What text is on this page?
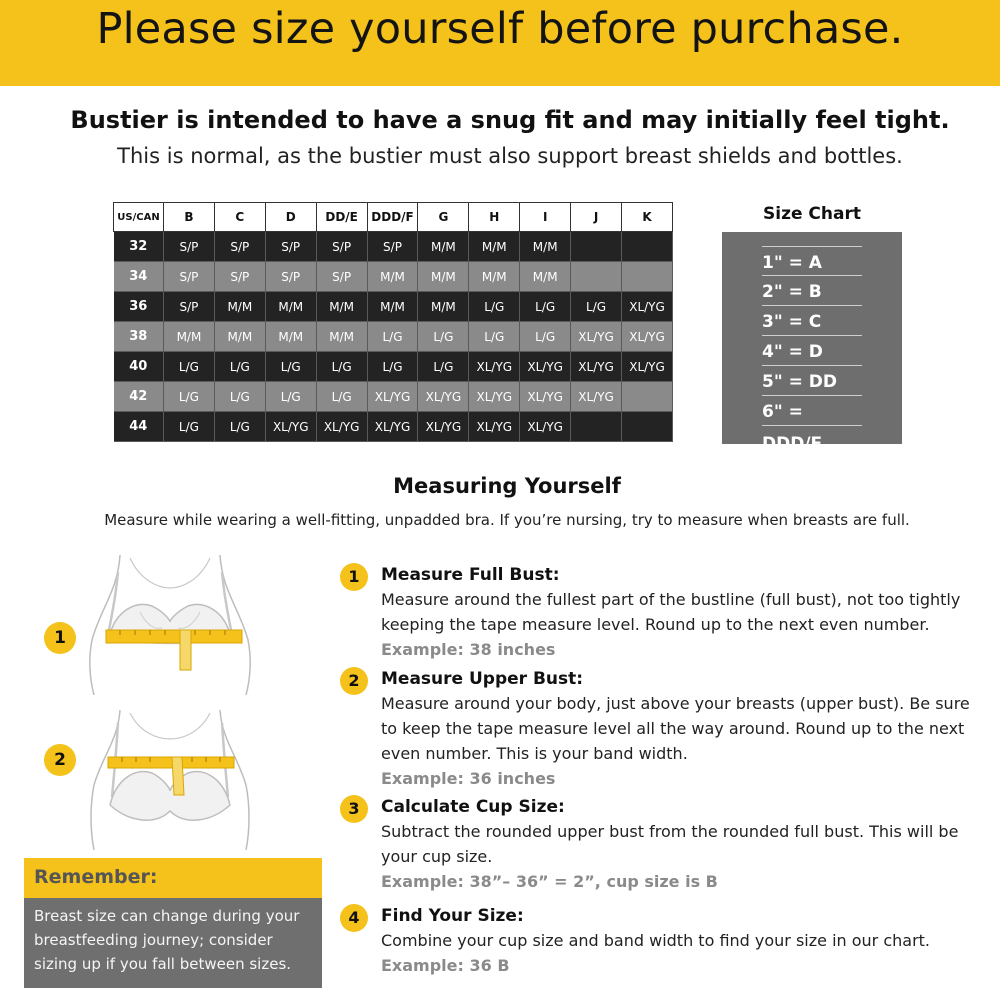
Please size yourself before purchase.
Bustier is intended to have a snug fit and may initially feel tight.
This is normal, as the bustier must also support breast shields and bottles.
US/CAN	B	C	D	DD/E	DDD/F	G	H	I	J	K
32	S/P	S/P	S/P	S/P	S/P	M/M	M/M	M/M		
34	S/P	S/P	S/P	S/P	M/M	M/M	M/M	M/M		
36	S/P	M/M	M/M	M/M	M/M	M/M	L/G	L/G	L/G	XL/YG
38	M/M	M/M	M/M	M/M	L/G	L/G	L/G	L/G	XL/YG	XL/YG
40	L/G	L/G	L/G	L/G	L/G	L/G	XL/YG	XL/YG	XL/YG	XL/YG
42	L/G	L/G	L/G	L/G	XL/YG	XL/YG	XL/YG	XL/YG	XL/YG	
44	L/G	L/G	XL/YG	XL/YG	XL/YG	XL/YG	XL/YG	XL/YG		
Size Chart
1" = A
2" = B
3" = C
4" = D
5" = DD
6" = DDD/F
Measuring Yourself
Measure while wearing a well-fitting, unpadded bra. If you’re nursing, try to measure when breasts are full.
1
2
Remember:
Breast size can change during your breastfeeding journey; consider sizing up if you fall between sizes.
1	Measure Full Bust:
Measure around the fullest part of the bustline (full bust), not too tightly keeping the tape measure level. Round up to the next even number.
Example: 38 inches
2	Measure Upper Bust:
Measure around your body, just above your breasts (upper bust). Be sure to keep the tape measure level all the way around. Round up to the next even number. This is your band width.
Example: 36 inches
3	Calculate Cup Size:
Subtract the rounded upper bust from the rounded full bust. This will be your cup size.
Example: 38”– 36” = 2”, cup size is B
4	Find Your Size:
Combine your cup size and band width to find your size in our chart.
Example: 36 B
